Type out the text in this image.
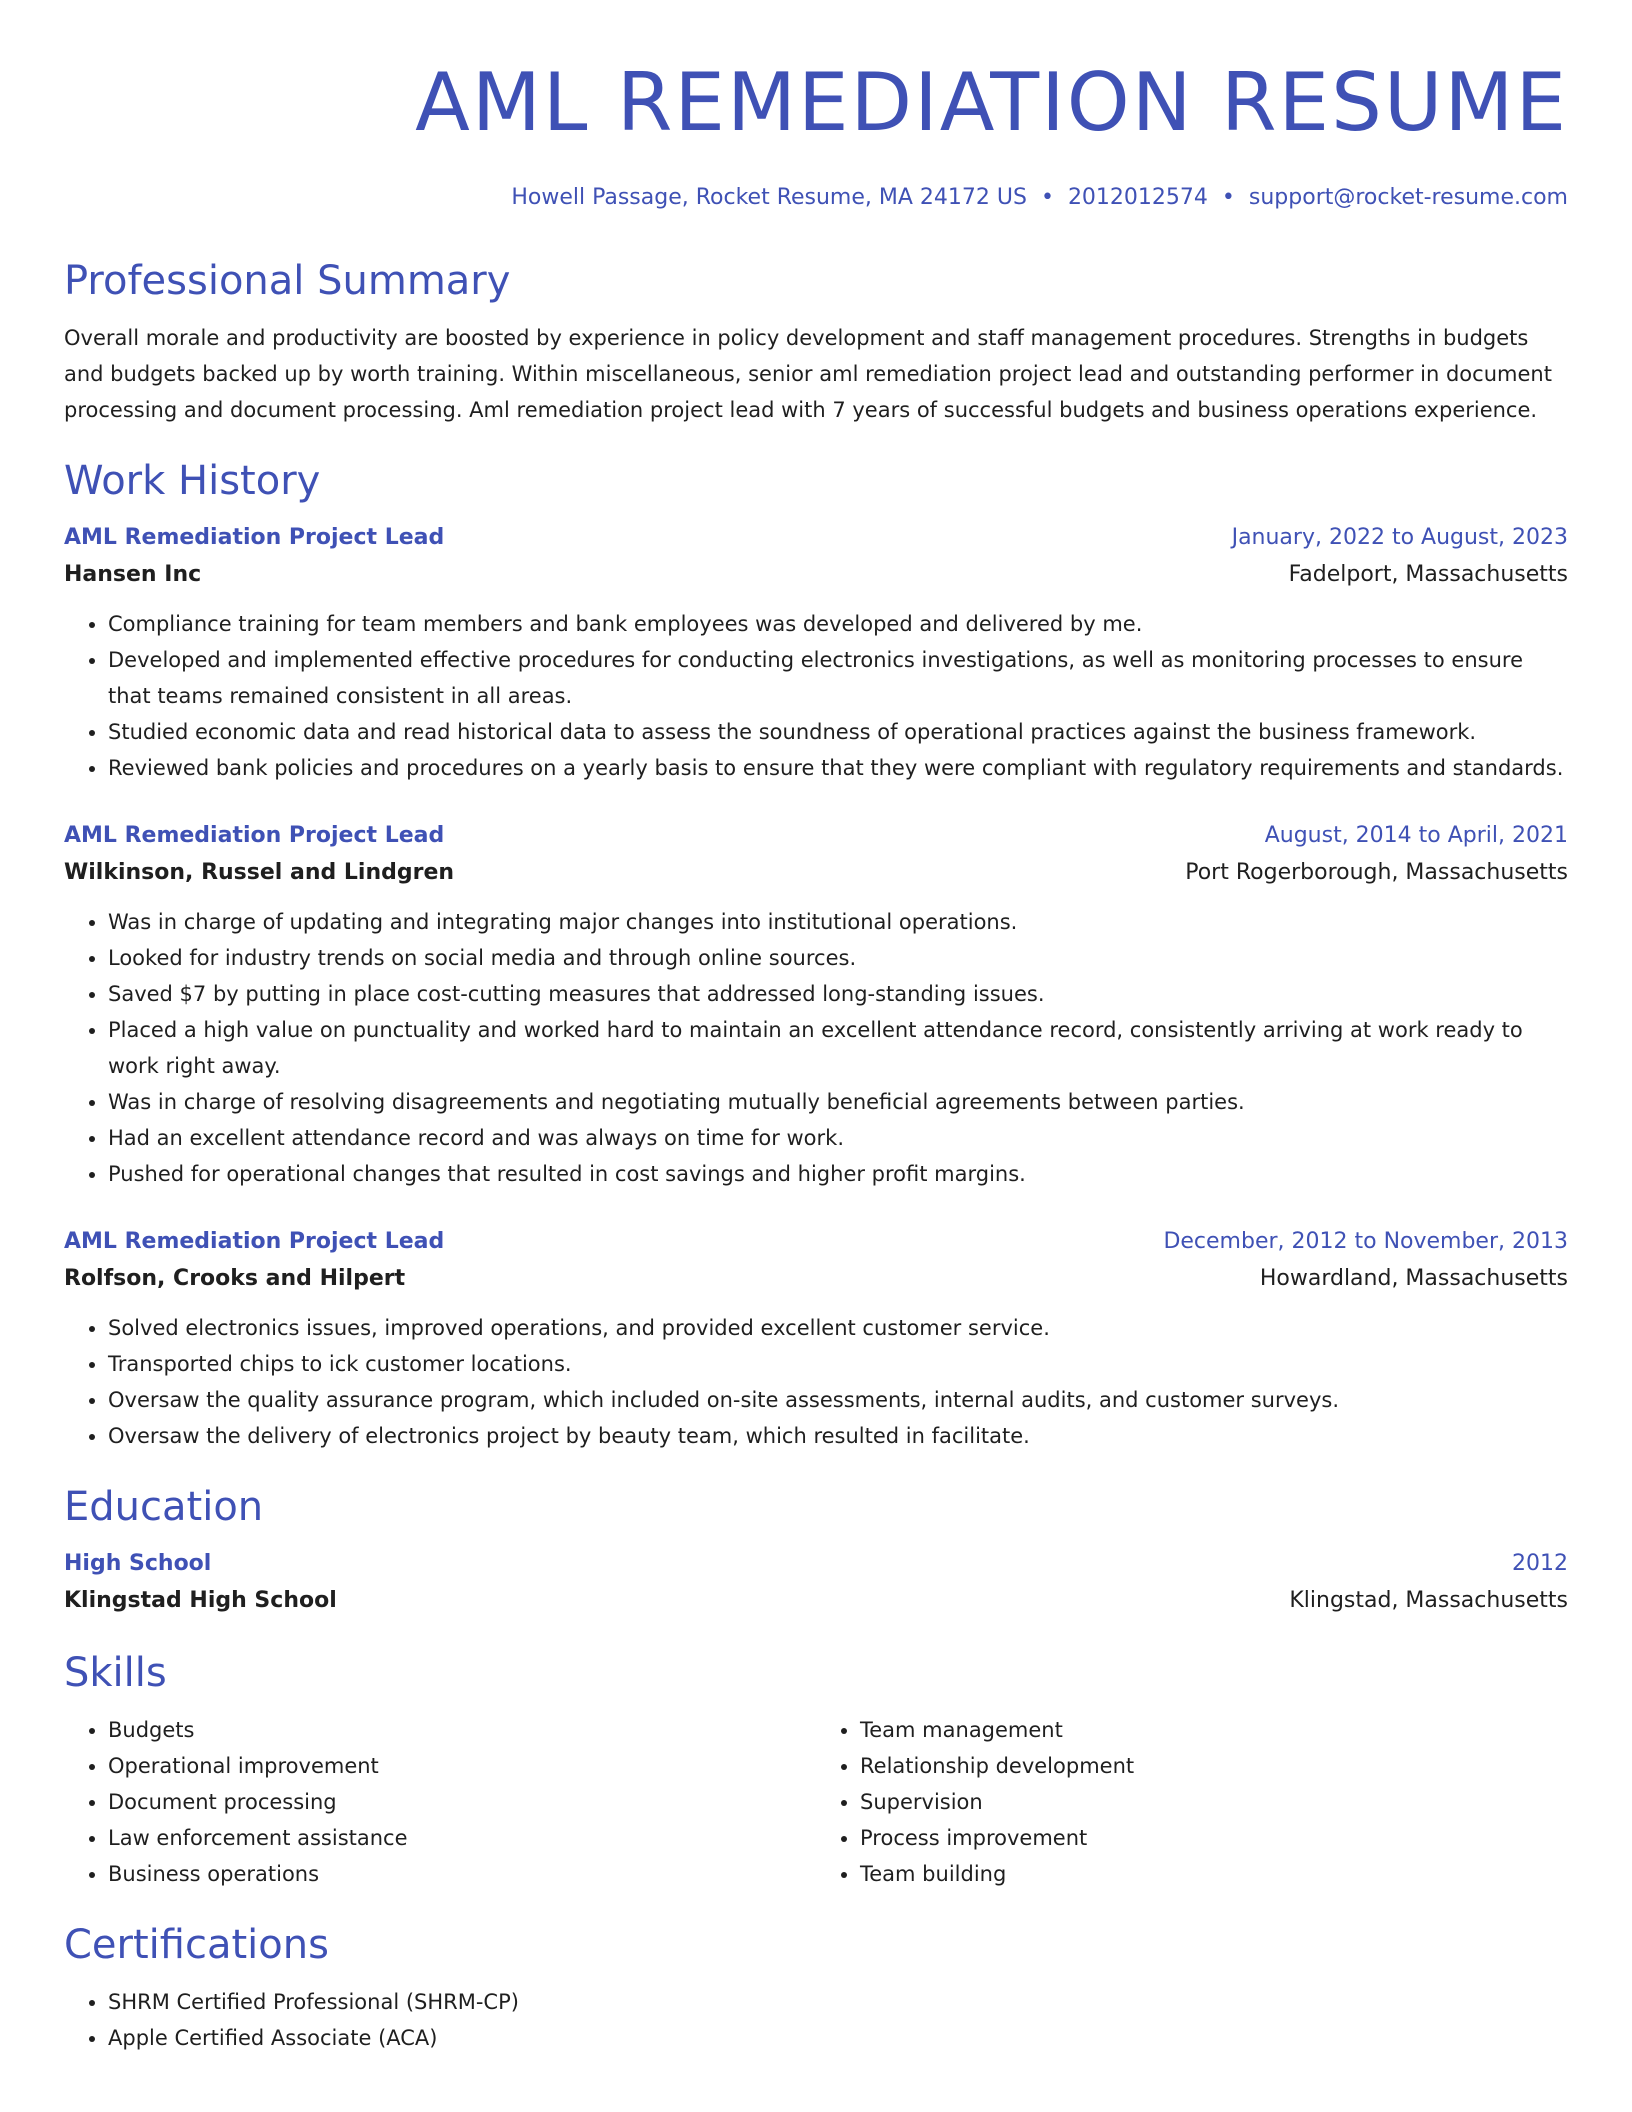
AML REMEDIATION RESUME
Howell Passage, Rocket Resume, MA 24172 US • 2012012574 • support@rocket-resume.com
Professional Summary
Overall morale and productivity are boosted by experience in policy development and staff management procedures. Strengths in budgets and budgets backed up by worth training. Within miscellaneous, senior aml remediation project lead and outstanding performer in document processing and document processing. Aml remediation project lead with 7 years of successful budgets and business operations experience.
Work History
AML Remediation Project Lead	January, 2022 to August, 2023
Hansen Inc	Fadelport, Massachusetts
• Compliance training for team members and bank employees was developed and delivered by me.
• Developed and implemented effective procedures for conducting electronics investigations, as well as monitoring processes to ensure that teams remained consistent in all areas.
• Studied economic data and read historical data to assess the soundness of operational practices against the business framework.
• Reviewed bank policies and procedures on a yearly basis to ensure that they were compliant with regulatory requirements and standards.
AML Remediation Project Lead	August, 2014 to April, 2021
Wilkinson, Russel and Lindgren	Port Rogerborough, Massachusetts
• Was in charge of updating and integrating major changes into institutional operations.
• Looked for industry trends on social media and through online sources.
• Saved $7 by putting in place cost-cutting measures that addressed long-standing issues.
• Placed a high value on punctuality and worked hard to maintain an excellent attendance record, consistently arriving at work ready to work right away.
• Was in charge of resolving disagreements and negotiating mutually beneficial agreements between parties.
• Had an excellent attendance record and was always on time for work.
• Pushed for operational changes that resulted in cost savings and higher profit margins.
AML Remediation Project Lead	December, 2012 to November, 2013
Rolfson, Crooks and Hilpert	Howardland, Massachusetts
• Solved electronics issues, improved operations, and provided excellent customer service.
• Transported chips to ick customer locations.
• Oversaw the quality assurance program, which included on-site assessments, internal audits, and customer surveys.
• Oversaw the delivery of electronics project by beauty team, which resulted in facilitate.
Education
High School	2012
Klingstad High School	Klingstad, Massachusetts
Skills
• Budgets
• Operational improvement
• Document processing
• Law enforcement assistance
• Business operations
• Team management
• Relationship development
• Supervision
• Process improvement
• Team building
Certifications
• SHRM Certified Professional (SHRM-CP)
• Apple Certified Associate (ACA)
